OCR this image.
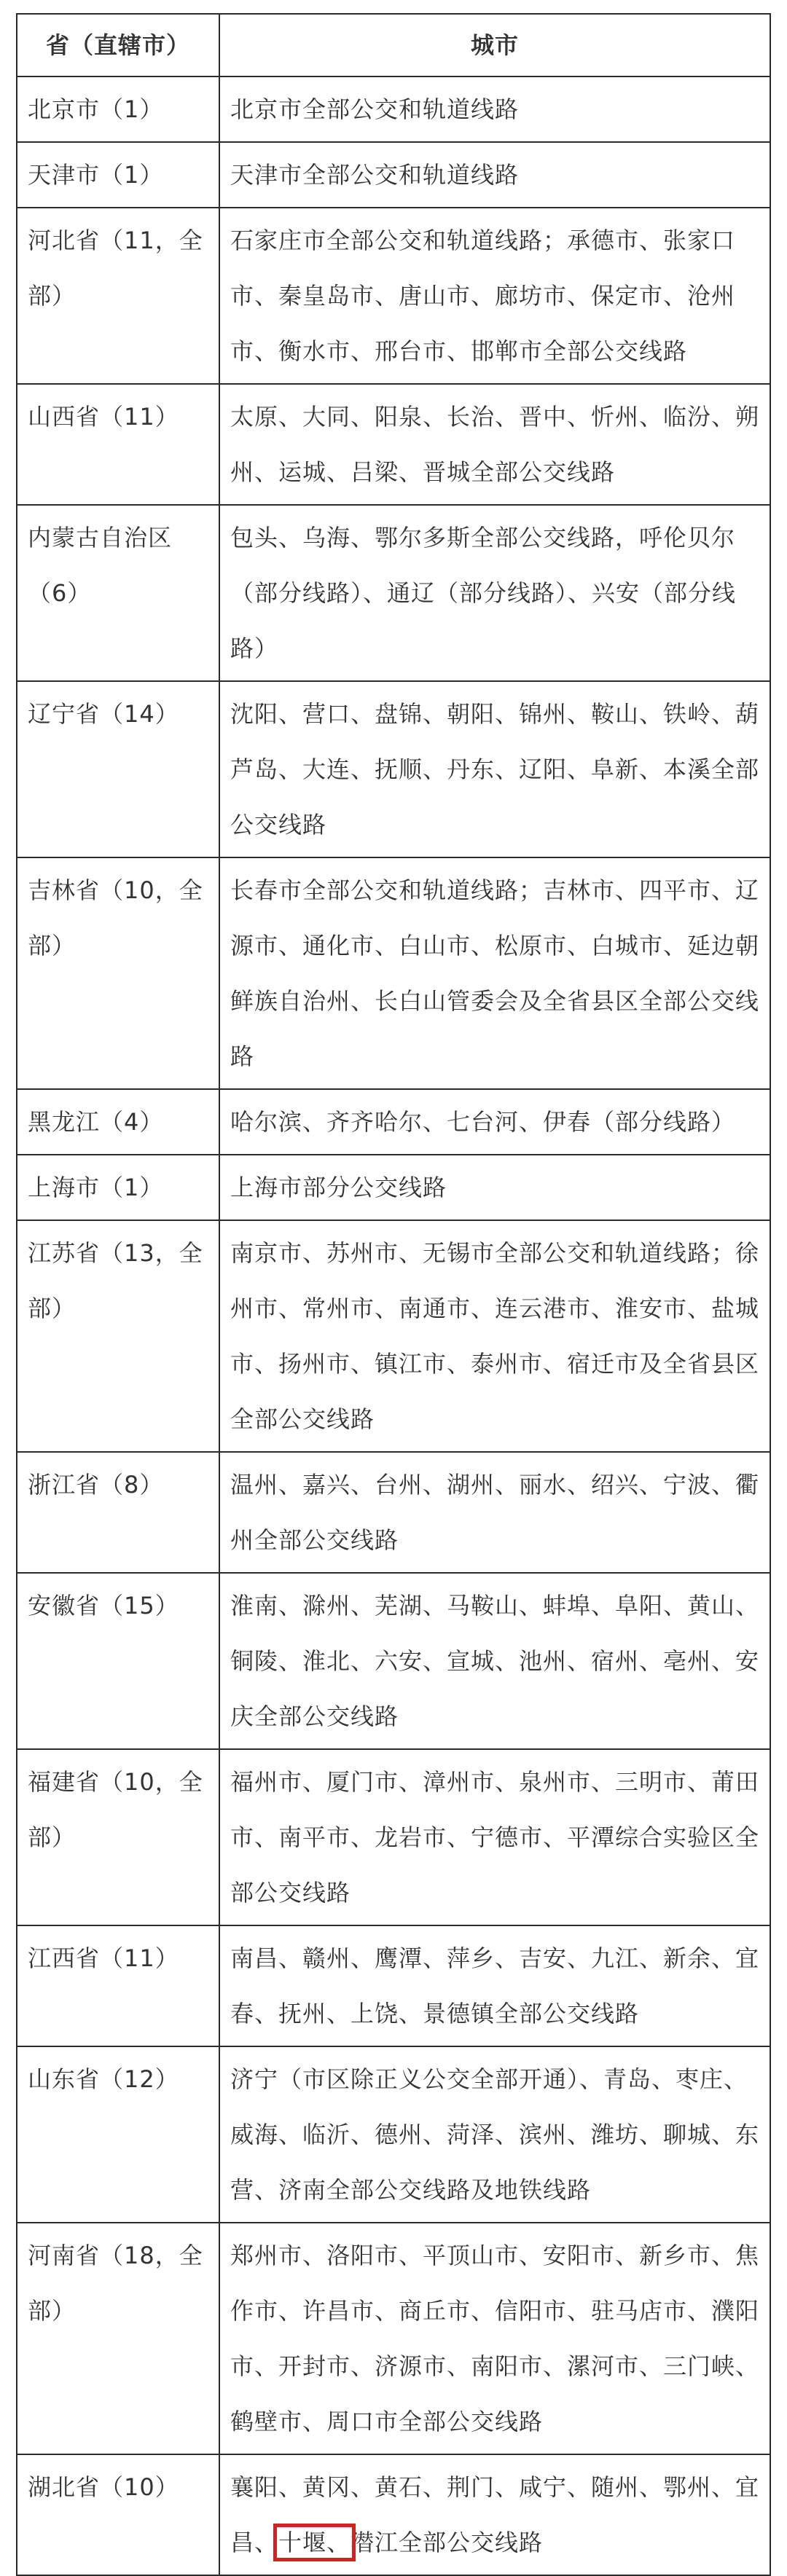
省（直辖市）	城市
北京市（1）	北京市全部公交和轨道线路
天津市（1）	天津市全部公交和轨道线路
河北省（11，全部）	石家庄市全部公交和轨道线路；承德市、张家口市、秦皇岛市、唐山市、廊坊市、保定市、沧州市、衡水市、邢台市、邯郸市全部公交线路
山西省（11）	太原、大同、阳泉、长治、晋中、忻州、临汾、朔州、运城、吕梁、晋城全部公交线路
内蒙古自治区（6）	包头、乌海、鄂尔多斯全部公交线路，呼伦贝尔（部分线路）、通辽（部分线路）、兴安（部分线路）
辽宁省（14）	沈阳、营口、盘锦、朝阳、锦州、鞍山、铁岭、葫芦岛、大连、抚顺、丹东、辽阳、阜新、本溪全部公交线路
吉林省（10，全部）	长春市全部公交和轨道线路；吉林市、四平市、辽源市、通化市、白山市、松原市、白城市、延边朝鲜族自治州、长白山管委会及全省县区全部公交线路
黑龙江（4）	哈尔滨、齐齐哈尔、七台河、伊春（部分线路）
上海市（1）	上海市部分公交线路
江苏省（13，全部）	南京市、苏州市、无锡市全部公交和轨道线路；徐州市、常州市、南通市、连云港市、淮安市、盐城市、扬州市、镇江市、泰州市、宿迁市及全省县区全部公交线路
浙江省（8）	温州、嘉兴、台州、湖州、丽水、绍兴、宁波、衢州全部公交线路
安徽省（15）	淮南、滁州、芜湖、马鞍山、蚌埠、阜阳、黄山、铜陵、淮北、六安、宣城、池州、宿州、亳州、安庆全部公交线路
福建省（10，全部）	福州市、厦门市、漳州市、泉州市、三明市、莆田市、南平市、龙岩市、宁德市、平潭综合实验区全部公交线路
江西省（11）	南昌、赣州、鹰潭、萍乡、吉安、九江、新余、宜春、抚州、上饶、景德镇全部公交线路
山东省（12）	济宁（市区除正义公交全部开通）、青岛、枣庄、威海、临沂、德州、菏泽、滨州、潍坊、聊城、东营、济南全部公交线路及地铁线路
河南省（18，全部）	郑州市、洛阳市、平顶山市、安阳市、新乡市、焦作市、许昌市、商丘市、信阳市、驻马店市、濮阳市、开封市、济源市、南阳市、漯河市、三门峡、鹤壁市、周口市全部公交线路
湖北省（10）	襄阳、黄冈、黄石、荆门、咸宁、随州、鄂州、宜昌、十堰、潜江全部公交线路
